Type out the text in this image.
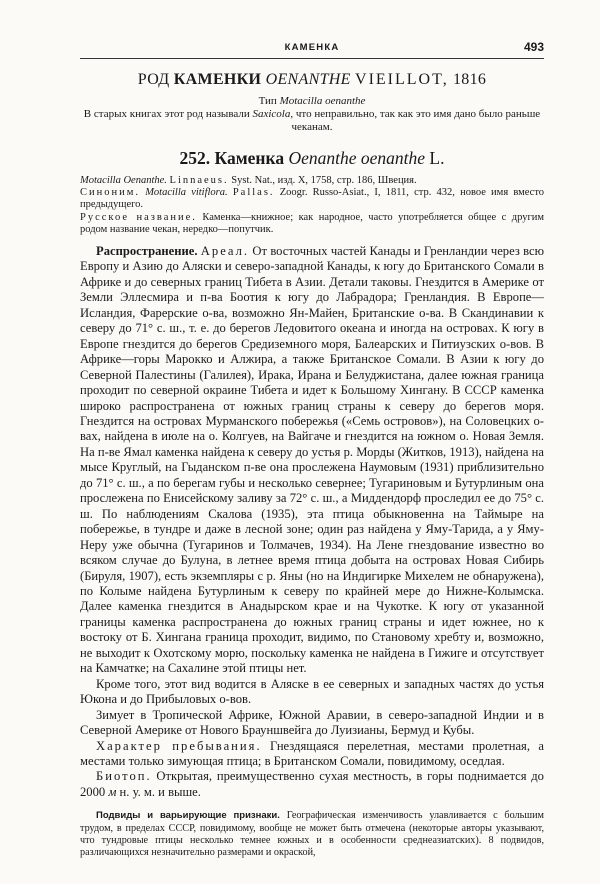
КАМЕНКА	493
РОД КАМЕНКИ OENANTHE VIEILLOT, 1816
Тип Motacilla oenanthe
В старых книгах этот род называли Saxicola, что неправильно, так как это имя дано было раньше чеканам.
252. Каменка Oenanthe oenanthe L.
Motacilla Oenanthe. Linnaeus. Syst. Nat., изд. X, 1758, стр. 186, Швеция.
Синоним. Motacilla vitiflora. Pallas. Zoogr. Russo-Asiat., I, 1811, стр. 432, новое имя вместо предыдущего.
Русское название. Каменка—книжное; как народное, часто употребляется общее с другим родом название чекан, нередко—попутчик.

Распространение. Ареал. От восточных частей Канады и Гренландии через всю Европу и Азию до Аляски и северо-западной Канады, к югу до Британского Сомали в Африке и до северных границ Тибета в Азии. Детали таковы. Гнездится в Америке от Земли Эллесмира и п-ва Боотия к югу до Лабрадора; Гренландия. В Европе—Исландия, Фарерские о-ва, возможно Ян-Майен, Британские о-ва. В Скандинавии к северу до 71° с. ш., т. е. до берегов Ледовитого океана и иногда на островах. К югу в Европе гнездится до берегов Средиземного моря, Балеарских и Питиузских о-вов. В Африке—горы Марокко и Алжира, а также Британское Сомали. В Азии к югу до Северной Палестины (Галилея), Ирака, Ирана и Белуджистана, далее южная граница проходит по северной окраине Тибета и идет к Большому Хингану. В СССР каменка широко распространена от южных границ страны к северу до берегов моря. Гнездится на островах Мурманского побережья («Семь островов»), на Соловецких о-вах, найдена в июле на о. Колгуев, на Вайгаче и гнездится на южном о. Новая Земля. На п-ве Ямал каменка найдена к северу до устья р. Морды (Житков, 1913), найдена на мысе Круглый, на Гыданском п-ве она прослежена Наумовым (1931) приблизительно до 71° с. ш., а по берегам губы и несколько севернее; Тугариновым и Бутурлиным она прослежена по Енисейскому заливу за 72° с. ш., а Миддендорф проследил ее до 75° с. ш. По наблюдениям Скалова (1935), эта птица обыкновенна на Таймыре на побережье, в тундре и даже в лесной зоне; один раз найдена у Яму-Тарида, а у Яму-Неру уже обычна (Тугаринов и Толмачев, 1934). На Лене гнездование известно во всяком случае до Булуна, в летнее время птица добыта на островах Новая Сибирь (Бируля, 1907), есть экземпляры с р. Яны (но на Индигирке Михелем не обнаружена), по Колыме найдена Бутурлиным к северу по крайней мере до Нижне-Колымска. Далее каменка гнездится в Анадырском крае и на Чукотке. К югу от указанной границы каменка распространена до южных границ страны и идет южнее, но к востоку от Б. Хингана граница проходит, видимо, по Становому хребту и, возможно, не выходит к Охотскому морю, поскольку каменка не найдена в Гижиге и отсутствует на Камчатке; на Сахалине этой птицы нет.

Кроме того, этот вид водится в Аляске в ее северных и западных частях до устья Юкона и до Прибыловых о-вов.

Зимует в Тропической Африке, Южной Аравии, в северо-западной Индии и в Северной Америке от Нового Брауншвейга до Луизианы, Бермуд и Кубы.

Характер пребывания. Гнездящаяся перелетная, местами пролетная, а местами только зимующая птица; в Британском Сомали, повидимому, оседлая.

Биотоп. Открытая, преимущественно сухая местность, в горы поднимается до 2000 м н. у. м. и выше.

Подвиды и варьирующие признаки. Географическая изменчивость улавливается с большим трудом, в пределах СССР, повидимому, вообще не может быть отмечена (некоторые авторы указывают, что тундровые птицы несколько темнее южных и в особенности среднеазиатских). 8 подвидов, различающихся незначительно размерами и окраской,
